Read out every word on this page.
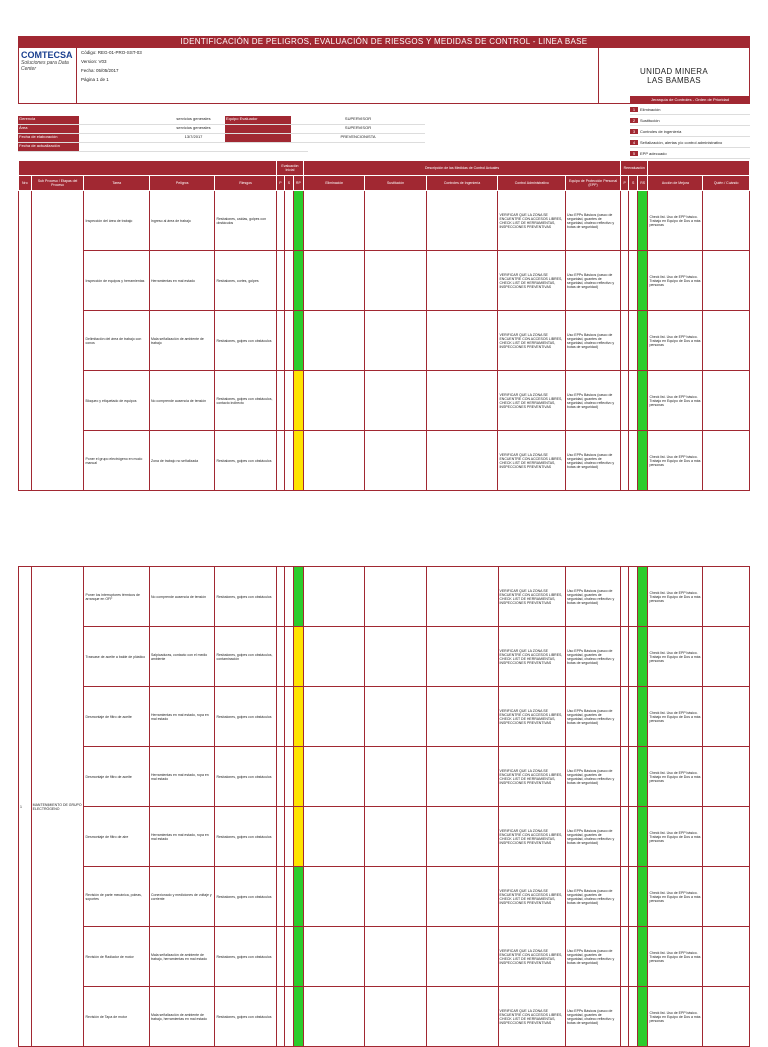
IDENTIFICACIÓN DE PELIGROS, EVALUACIÓN DE RIESGOS Y MEDIDAS DE CONTROL - LINEA BASE
COMTECSA
Soluciones para Data Center
Código: REG-01-PRO-SST-03
Version: V03
Fecha: 05/05/2017
Página 1 de 1
UNIDAD MINERA
LAS BAMBAS
Gerencia	servicios generales
Área	servicios generales
Fecha de elaboración	13/7/2017
Fecha de actualización
Equipo Evaluador	SUPERVISOR
SUPERVISOR
PREVENCIONISTA
Jerarquía de Controles - Orden de Prioridad
1	Eliminación
2	Sustitución
3	Controles de ingeniería
4	Señalización, alertas y/o control administrativo
5	EPP adecuado
					Evaluación Inicial			Descripción de las Medidas de Control Actuales					Reevaluación				
Nro	Sub Proceso / Etapas del Proceso	Tarea	Peligros	Riesgos	P	S	RP	Eliminación	Sustitución	Controles de Ingeniería	Control Administrativo	Equipo de Protección Personal (EPP)	P	S	RS	Acción de Mejora	Quién / Cuándo
		Inspección del área de trabajo	Ingreso al área de trabajo	Resbalones, caídas, golpes con obstáculos							VERIFICAR QUE LA ZONA SE ENCUENTRE CON ACCESOS LIBRES, CHECK LIST DE HERRAMIENTAS, INSPECCIONES PREVENTIVAS	Uso EPPs Básicos (casco de seguridad, guantes de seguridad, chaleco reflectivo y botas de seguridad)				Check list. Uso de EPP básico. Trabajo en Equipo de Dos a más personas	
		Inspección de equipos y herramientas	Herramientas en mal estado	Resbalones, cortes, golpes							VERIFICAR QUE LA ZONA SE ENCUENTRE CON ACCESOS LIBRES, CHECK LIST DE HERRAMIENTAS, INSPECCIONES PREVENTIVAS	Uso EPPs Básicos (casco de seguridad, guantes de seguridad, chaleco reflectivo y botas de seguridad)				Check list. Uso de EPP básico. Trabajo en Equipo de Dos a más personas	
		Delimitación del área de trabajo con conos	Mala señalización de ambiente de trabajo	Resbalones, golpes con obstáculos							VERIFICAR QUE LA ZONA SE ENCUENTRE CON ACCESOS LIBRES, CHECK LIST DE HERRAMIENTAS, INSPECCIONES PREVENTIVAS	Uso EPPs Básicos (casco de seguridad, guantes de seguridad, chaleco reflectivo y botas de seguridad)				Check list. Uso de EPP básico. Trabajo en Equipo de Dos a más personas	
		Bloqueo y etiquetado de equipos	No comprende ausencia de tensión	Resbalones, golpes con obstáculos, contacto indirecto							VERIFICAR QUE LA ZONA SE ENCUENTRE CON ACCESOS LIBRES, CHECK LIST DE HERRAMIENTAS, INSPECCIONES PREVENTIVAS	Uso EPPs Básicos (casco de seguridad, guantes de seguridad, chaleco reflectivo y botas de seguridad)				Check list. Uso de EPP básico. Trabajo en Equipo de Dos a más personas	
		Poner el grupo electrógeno en modo manual	Zona de trabajo no señalizada	Resbalones, golpes con obstáculos							VERIFICAR QUE LA ZONA SE ENCUENTRE CON ACCESOS LIBRES, CHECK LIST DE HERRAMIENTAS, INSPECCIONES PREVENTIVAS	Uso EPPs Básicos (casco de seguridad, guantes de seguridad, chaleco reflectivo y botas de seguridad)				Check list. Uso de EPP básico. Trabajo en Equipo de Dos a más personas	
1	MANTENIMIENTO DE GRUPO ELECTRÓGENO	Poner los interruptores térmicos de arranque en OFF	No comprende ausencia de tensión	Resbalones, golpes con obstáculos							VERIFICAR QUE LA ZONA SE ENCUENTRE CON ACCESOS LIBRES, CHECK LIST DE HERRAMIENTAS, INSPECCIONES PREVENTIVAS	Uso EPPs Básicos (casco de seguridad, guantes de seguridad, chaleco reflectivo y botas de seguridad)				Check list. Uso de EPP básico. Trabajo en Equipo de Dos a más personas	
		Trasvase de aceite a balde de plástico	Salpicaduras, contacto con el medio ambiente	Resbalones, golpes con obstáculos, contaminación							VERIFICAR QUE LA ZONA SE ENCUENTRE CON ACCESOS LIBRES, CHECK LIST DE HERRAMIENTAS, INSPECCIONES PREVENTIVAS	Uso EPPs Básicos (casco de seguridad, guantes de seguridad, chaleco reflectivo y botas de seguridad)				Check list. Uso de EPP básico. Trabajo en Equipo de Dos a más personas	
		Desmontaje de filtro de aceite	Herramientas en mal estado, ropa en mal estado	Resbalones, golpes con obstáculos							VERIFICAR QUE LA ZONA SE ENCUENTRE CON ACCESOS LIBRES, CHECK LIST DE HERRAMIENTAS, INSPECCIONES PREVENTIVAS	Uso EPPs Básicos (casco de seguridad, guantes de seguridad, chaleco reflectivo y botas de seguridad)				Check list. Uso de EPP básico. Trabajo en Equipo de Dos a más personas	
		Desmontaje de filtro de aceite	Herramientas en mal estado, ropa en mal estado	Resbalones, golpes con obstáculos							VERIFICAR QUE LA ZONA SE ENCUENTRE CON ACCESOS LIBRES, CHECK LIST DE HERRAMIENTAS, INSPECCIONES PREVENTIVAS	Uso EPPs Básicos (casco de seguridad, guantes de seguridad, chaleco reflectivo y botas de seguridad)				Check list. Uso de EPP básico. Trabajo en Equipo de Dos a más personas	
		Desmontaje de filtro de aire	Herramientas en mal estado, ropa en mal estado	Resbalones, golpes con obstáculos							VERIFICAR QUE LA ZONA SE ENCUENTRE CON ACCESOS LIBRES, CHECK LIST DE HERRAMIENTAS, INSPECCIONES PREVENTIVAS	Uso EPPs Básicos (casco de seguridad, guantes de seguridad, chaleco reflectivo y botas de seguridad)				Check list. Uso de EPP básico. Trabajo en Equipo de Dos a más personas	
		Revisión de parte mecánica, poleas, soportes	Conexionado y mediciones de voltaje y corriente	Resbalones, golpes con obstáculos							VERIFICAR QUE LA ZONA SE ENCUENTRE CON ACCESOS LIBRES, CHECK LIST DE HERRAMIENTAS, INSPECCIONES PREVENTIVAS	Uso EPPs Básicos (casco de seguridad, guantes de seguridad, chaleco reflectivo y botas de seguridad)				Check list. Uso de EPP básico. Trabajo en Equipo de Dos a más personas	
		Revisión de Radiador de motor	Mala señalización de ambiente de trabajo, herramientas en mal estado	Resbalones, golpes con obstáculos							VERIFICAR QUE LA ZONA SE ENCUENTRE CON ACCESOS LIBRES, CHECK LIST DE HERRAMIENTAS, INSPECCIONES PREVENTIVAS	Uso EPPs Básicos (casco de seguridad, guantes de seguridad, chaleco reflectivo y botas de seguridad)				Check list. Uso de EPP básico. Trabajo en Equipo de Dos a más personas	
		Revisión de Tapa de motor	Mala señalización de ambiente de trabajo, herramientas en mal estado	Resbalones, golpes con obstáculos							VERIFICAR QUE LA ZONA SE ENCUENTRE CON ACCESOS LIBRES, CHECK LIST DE HERRAMIENTAS, INSPECCIONES PREVENTIVAS	Uso EPPs Básicos (casco de seguridad, guantes de seguridad, chaleco reflectivo y botas de seguridad)				Check list. Uso de EPP básico. Trabajo en Equipo de Dos a más personas	
